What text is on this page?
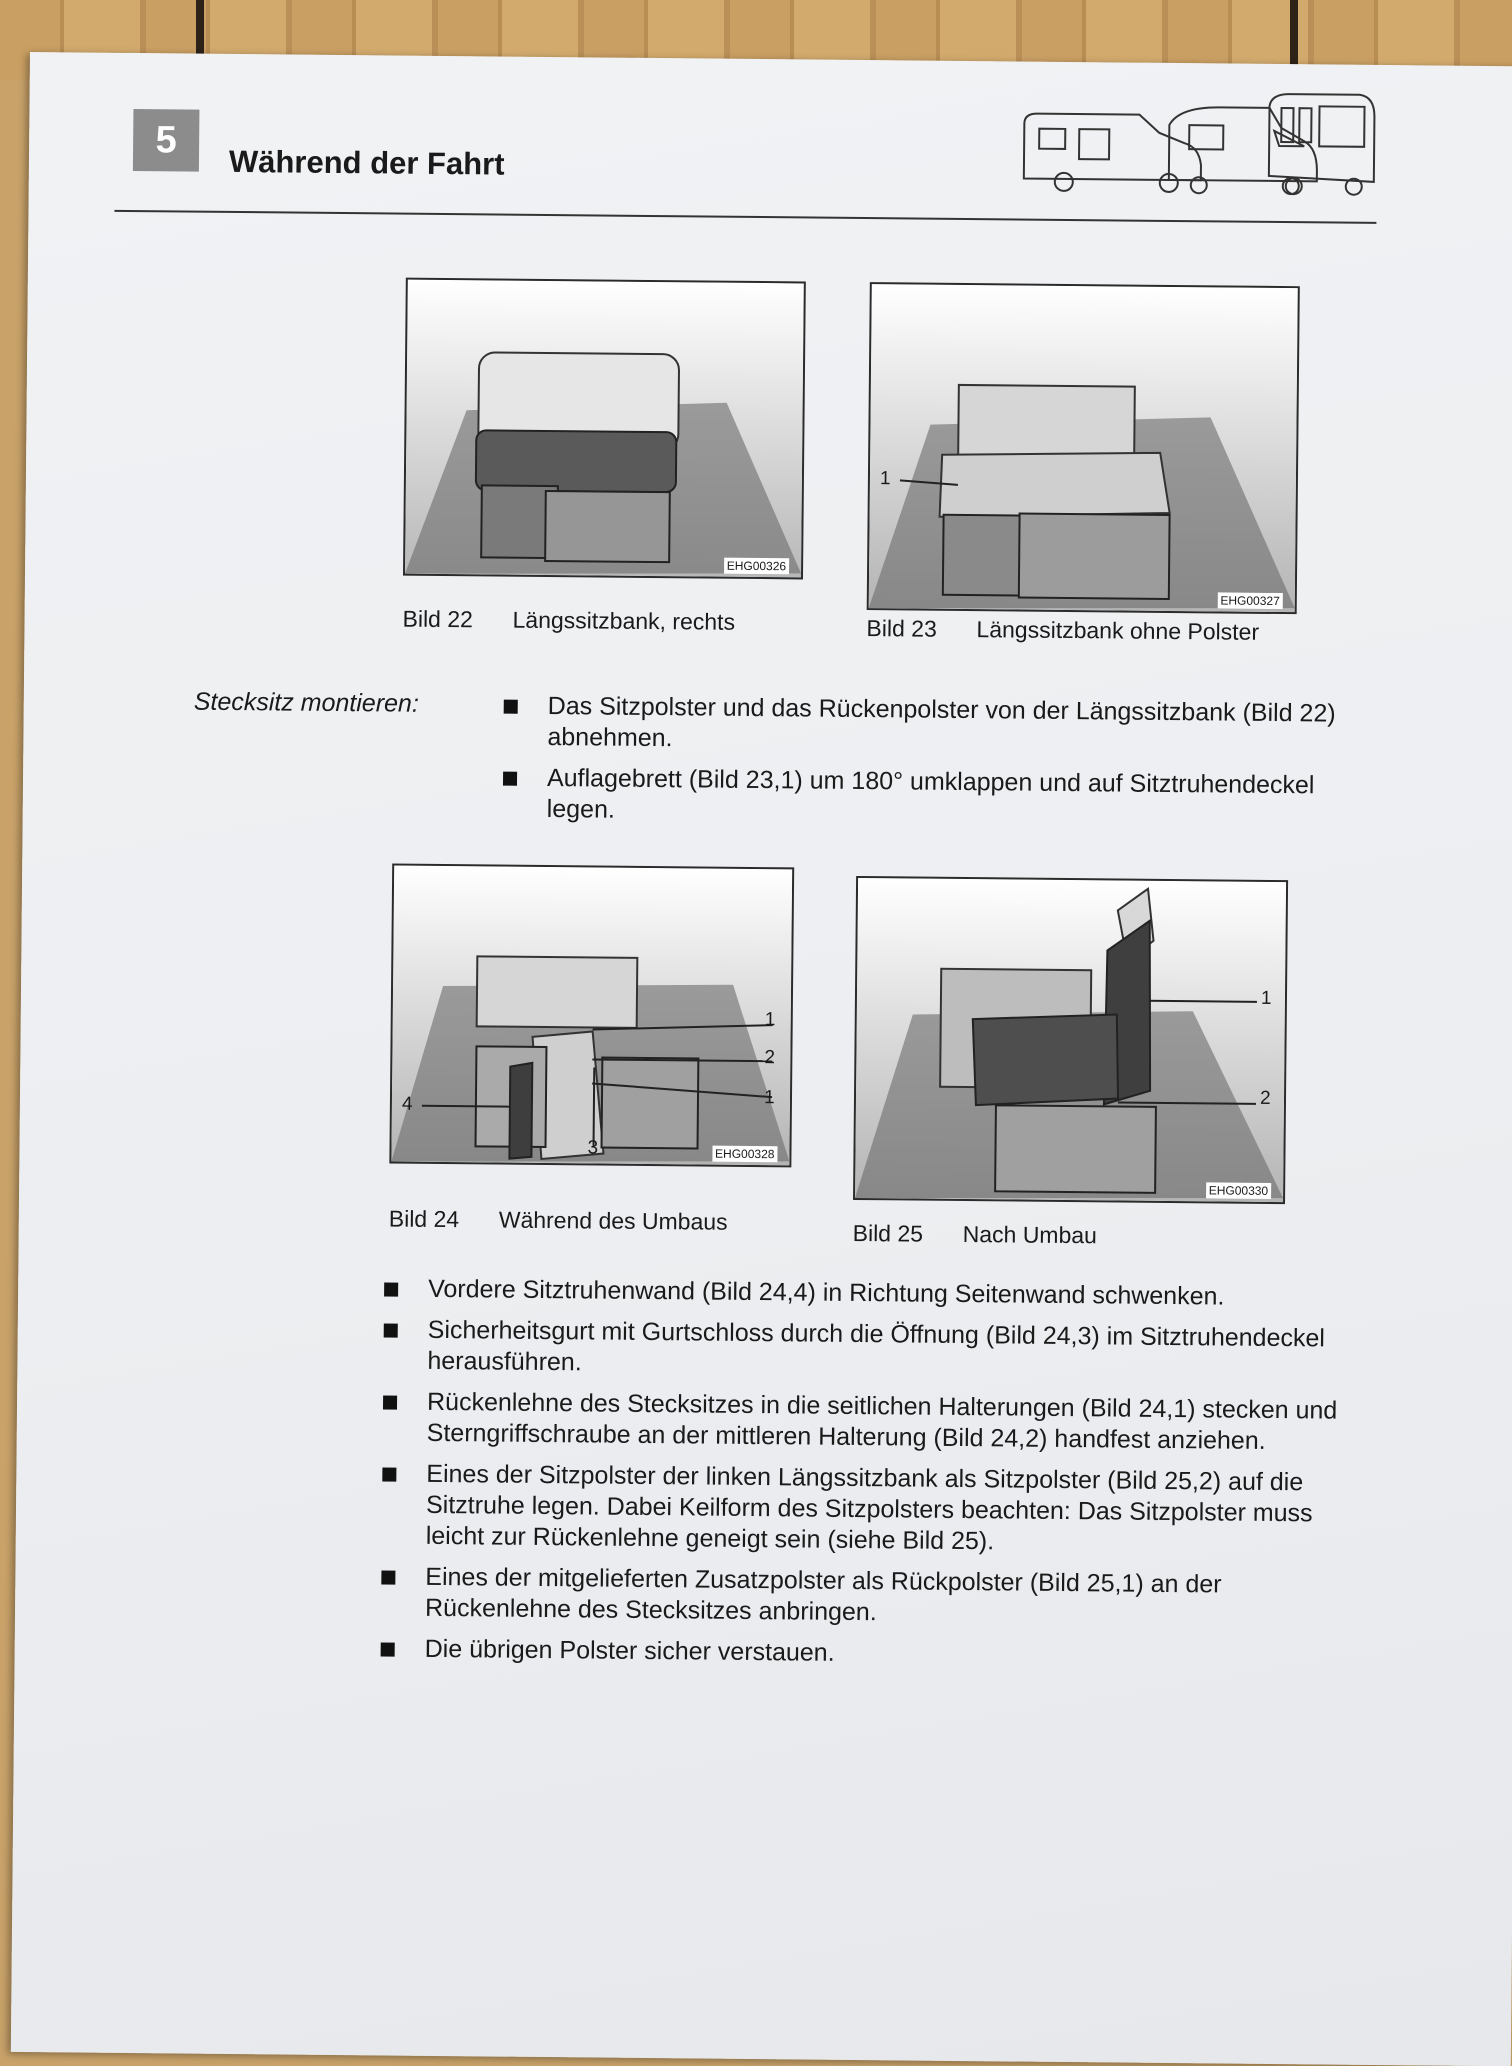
5
Während der Fahrt
EHG00326
1
EHG00327
Bild 22 Längssitzbank, rechts	Bild 23 Längssitzbank ohne Polster
Stecksitz montieren:	Das Sitzpolster und das Rückenpolster von der Längssitzbank (Bild 22) abnehmen.
Auflagebrett (Bild 23,1) um 180° umklappen und auf Sitztruhendeckel legen.
1
2
1
4
3	EHG00328
1
2
EHG00330
Bild 24 Während des Umbaus	Bild 25 Nach Umbau
Vordere Sitztruhenwand (Bild 24,4) in Richtung Seitenwand schwenken.
Sicherheitsgurt mit Gurtschloss durch die Öffnung (Bild 24,3) im Sitztruhendeckel herausführen.
Rückenlehne des Stecksitzes in die seitlichen Halterungen (Bild 24,1) stecken und Sterngriffschraube an der mittleren Halterung (Bild 24,2) handfest anziehen.
Eines der Sitzpolster der linken Längssitzbank als Sitzpolster (Bild 25,2) auf die Sitztruhe legen. Dabei Keilform des Sitzpolsters beachten: Das Sitzpolster muss leicht zur Rückenlehne geneigt sein (siehe Bild 25).
Eines der mitgelieferten Zusatzpolster als Rückpolster (Bild 25,1) an der Rückenlehne des Stecksitzes anbringen.
Die übrigen Polster sicher verstauen.
